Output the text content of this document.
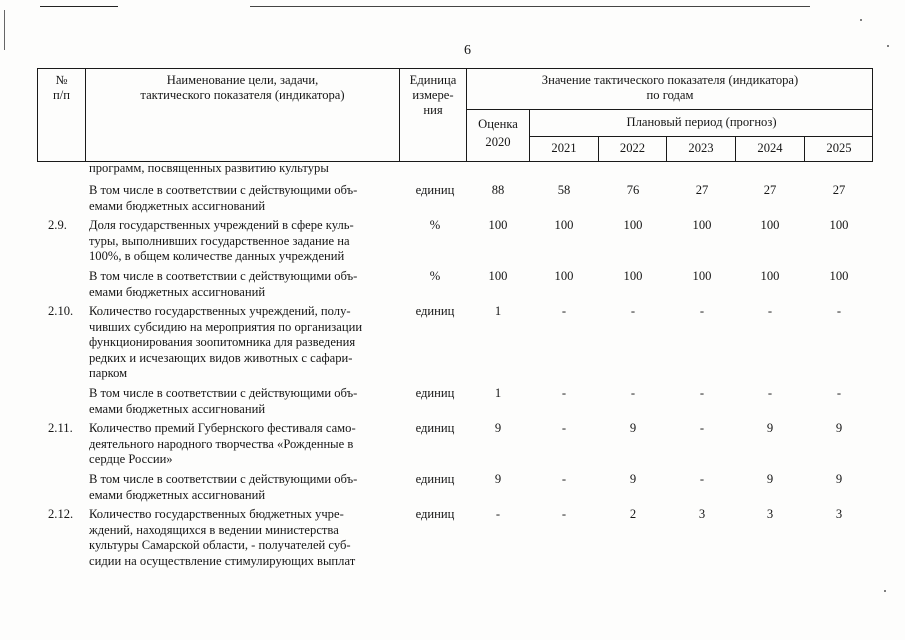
6
№
п/п
Наименование цели, задачи,
тактического показателя (индикатора)
Единица
измере-
ния
Значение тактического показателя (индикатора)
по годам
Оценка
2020
Плановый период (прогноз)
2021	2022	2023	2024	2025
программ, посвященных развитию культуры
В том числе в соответствии с действующими объ-
емами бюджетных ассигнований
единиц	88	58	76	27	27	27
2.9.	Доля государственных учреждений в сфере куль-
туры, выполнивших государственное задание на
100%, в общем количестве данных учреждений
%	100	100	100	100	100	100
В том числе в соответствии с действующими объ-
емами бюджетных ассигнований
%	100	100	100	100	100	100
2.10.	Количество государственных учреждений, полу-
чивших субсидию на мероприятия по организации
функционирования зоопитомника для разведения
редких и исчезающих видов животных с сафари-
парком
единиц	1	-	-	-	-	-
В том числе в соответствии с действующими объ-
емами бюджетных ассигнований
единиц	1	-	-	-	-	-
2.11.	Количество премий Губернского фестиваля само-
деятельного народного творчества «Рожденные в
сердце России»
единиц	9	-	9	-	9	9
В том числе в соответствии с действующими объ-
емами бюджетных ассигнований
единиц	9	-	9	-	9	9
2.12.	Количество государственных бюджетных учре-
ждений, находящихся в ведении министерства
культуры Самарской области, - получателей суб-
сидии на осуществление стимулирующих выплат
единиц	-	-	2	3	3	3
